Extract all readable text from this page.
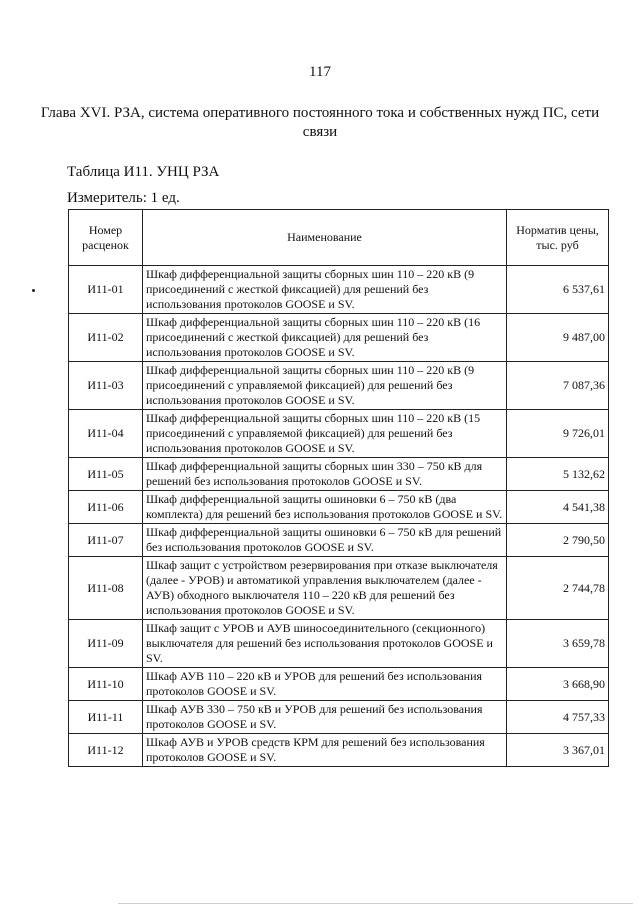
117
Глава XVI. РЗА, система оперативного постоянного тока и собственных нужд ПС, сети связи
Таблица И11. УНЦ РЗА
Измеритель: 1 ед.
Номер расценок	Наименование	Норматив цены, тыс. руб
И11-01	Шкаф дифференциальной защиты сборных шин 110 – 220 кВ (9 присоединений с жесткой фиксацией) для решений без использования протоколов GOOSE и SV.	6 537,61
И11-02	Шкаф дифференциальной защиты сборных шин 110 – 220 кВ (16 присоединений с жесткой фиксацией) для решений без использования протоколов GOOSE и SV.	9 487,00
И11-03	Шкаф дифференциальной защиты сборных шин 110 – 220 кВ (9 присоединений с управляемой фиксацией) для решений без использования протоколов GOOSE и SV.	7 087,36
И11-04	Шкаф дифференциальной защиты сборных шин 110 – 220 кВ (15 присоединений с управляемой фиксацией) для решений без использования протоколов GOOSE и SV.	9 726,01
И11-05	Шкаф дифференциальной защиты сборных шин 330 – 750 кВ для решений без использования протоколов GOOSE и SV.	5 132,62
И11-06	Шкаф дифференциальной защиты ошиновки 6 – 750 кВ (два комплекта) для решений без использования протоколов GOOSE и SV.	4 541,38
И11-07	Шкаф дифференциальной защиты ошиновки 6 – 750 кВ для решений без использования протоколов GOOSE и SV.	2 790,50
И11-08	Шкаф защит с устройством резервирования при отказе выключателя (далее - УРОВ) и автоматикой управления выключателем (далее - АУВ) обходного выключателя 110 – 220 кВ для решений без использования протоколов GOOSE и SV.	2 744,78
И11-09	Шкаф защит с УРОВ и АУВ шиносоединительного (секционного) выключателя для решений без использования протоколов GOOSE и SV.	3 659,78
И11-10	Шкаф АУВ 110 – 220 кВ и УРОВ для решений без использования протоколов GOOSE и SV.	3 668,90
И11-11	Шкаф АУВ 330 – 750 кВ и УРОВ для решений без использования протоколов GOOSE и SV.	4 757,33
И11-12	Шкаф АУВ и УРОВ средств КРМ для решений без использования протоколов GOOSE и SV.	3 367,01
